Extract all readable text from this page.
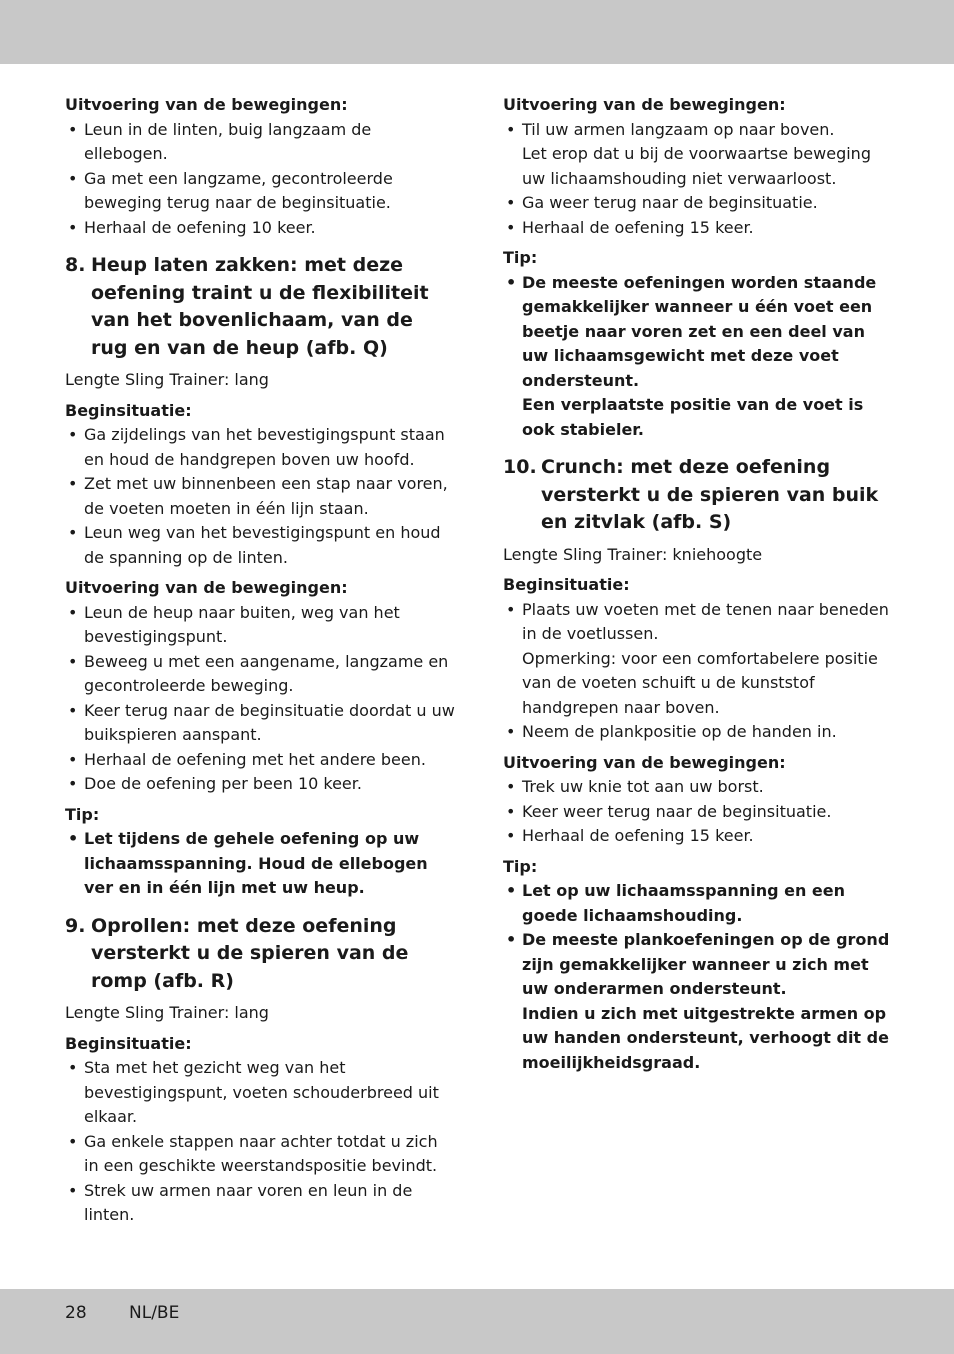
Uitvoering van de bewegingen:
• Leun in de linten, buig langzaam de ellebogen.
• Ga met een langzame, gecontroleerde beweging terug naar de beginsituatie.
• Herhaal de oefening 10 keer.
8. Heup laten zakken: met deze oefening traint u de flexibiliteit van het bovenlichaam, van de rug en van de heup (afb. Q)
Lengte Sling Trainer: lang
Beginsituatie:
• Ga zijdelings van het bevestigingspunt staan en houd de handgrepen boven uw hoofd.
• Zet met uw binnenbeen een stap naar voren, de voeten moeten in één lijn staan.
• Leun weg van het bevestigingspunt en houd de spanning op de linten.
Uitvoering van de bewegingen:
• Leun de heup naar buiten, weg van het bevestigingspunt.
• Beweeg u met een aangename, langzame en gecontroleerde beweging.
• Keer terug naar de beginsituatie doordat u uw buikspieren aanspant.
• Herhaal de oefening met het andere been.
• Doe de oefening per been 10 keer.
Tip:
• Let tijdens de gehele oefening op uw lichaamsspanning. Houd de ellebogen ver en in één lijn met uw heup.
9. Oprollen: met deze oefening versterkt u de spieren van de romp (afb. R)
Lengte Sling Trainer: lang
Beginsituatie:
• Sta met het gezicht weg van het bevestigingspunt, voeten schouderbreed uit elkaar.
• Ga enkele stappen naar achter totdat u zich in een geschikte weerstandspositie bevindt.
• Strek uw armen naar voren en leun in de linten.
Uitvoering van de bewegingen:
• Til uw armen langzaam op naar boven.
Let erop dat u bij de voorwaartse beweging uw lichaamshouding niet verwaarloost.
• Ga weer terug naar de beginsituatie.
• Herhaal de oefening 15 keer.
Tip:
• De meeste oefeningen worden staande gemakkelijker wanneer u één voet een beetje naar voren zet en een deel van uw lichaamsgewicht met deze voet ondersteunt.
Een verplaatste positie van de voet is ook stabieler.
10. Crunch: met deze oefening versterkt u de spieren van buik en zitvlak (afb. S)
Lengte Sling Trainer: kniehoogte
Beginsituatie:
• Plaats uw voeten met de tenen naar beneden in de voetlussen.
Opmerking: voor een comfortabelere positie van de voeten schuift u de kunststof handgrepen naar boven.
• Neem de plankpositie op de handen in.
Uitvoering van de bewegingen:
• Trek uw knie tot aan uw borst.
• Keer weer terug naar de beginsituatie.
• Herhaal de oefening 15 keer.
Tip:
• Let op uw lichaamsspanning en een goede lichaamshouding.
• De meeste plankoefeningen op de grond zijn gemakkelijker wanneer u zich met uw onderarmen ondersteunt.
Indien u zich met uitgestrekte armen op uw handen ondersteunt, verhoogt dit de moeilijkheidsgraad.
28 NL/BE
